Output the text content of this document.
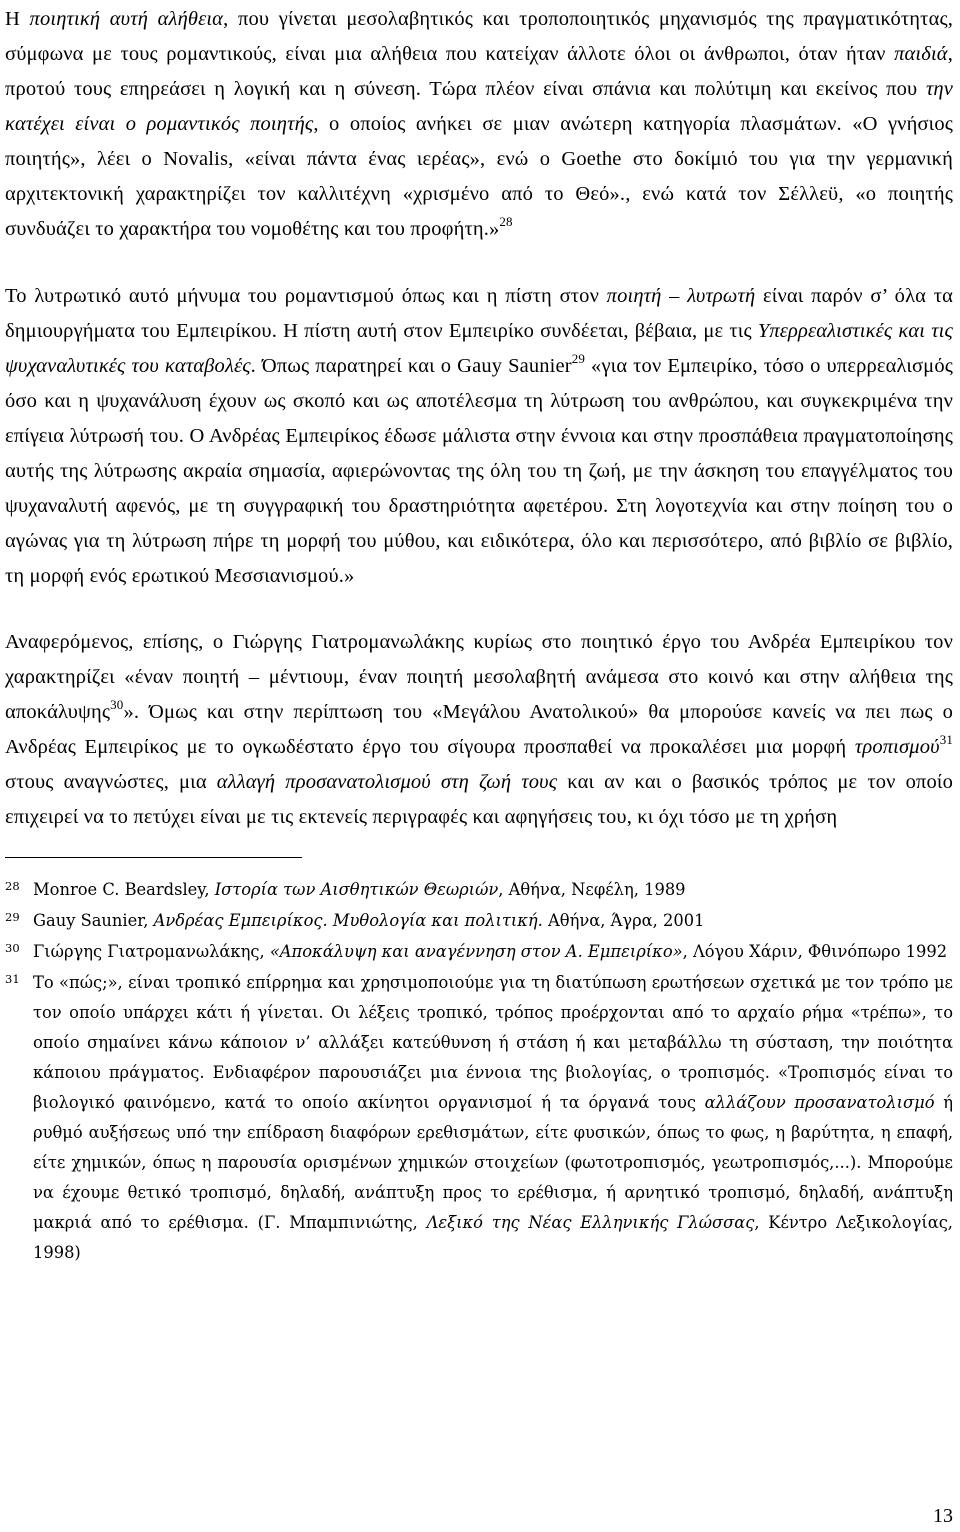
Η ποιητική αυτή αλήθεια, που γίνεται μεσολαβητικός και τροποποιητικός μηχανισμός της πραγματικότητας, σύμφωνα με τους ρομαντικούς, είναι μια αλήθεια που κατείχαν άλλοτε όλοι οι άνθρωποι, όταν ήταν παιδιά, προτού τους επηρεάσει η λογική και η σύνεση. Τώρα πλέον είναι σπάνια και πολύτιμη και εκείνος που την κατέχει είναι ο ρομαντικός ποιητής, ο οποίος ανήκει σε μιαν ανώτερη κατηγορία πλασμάτων. «Ο γνήσιος ποιητής», λέει ο Novalis, «είναι πάντα ένας ιερέας», ενώ ο Goethe στο δοκίμιό του για την γερμανική αρχιτεκτονική χαρακτηρίζει τον καλλιτέχνη «χρισμένο από το Θεό»., ενώ κατά τον Σέλλεϋ, «ο ποιητής συνδυάζει το χαρακτήρα του νομοθέτης και του προφήτη.»$^{28}$

Το λυτρωτικό αυτό μήνυμα του ρομαντισμού όπως και η πίστη στον ποιητή – λυτρωτή είναι παρόν σ’ όλα τα δημιουργήματα του Εμπειρίκου. Η πίστη αυτή στον Εμπειρίκο συνδέεται, βέβαια, με τις Υπερρεαλιστικές και τις ψυχαναλυτικές του καταβολές. Όπως παρατηρεί και ο Gauy Saunier$^{29}$ «για τον Εμπειρίκο, τόσο ο υπερρεαλισμός όσο και η ψυχανάλυση έχουν ως σκοπό και ως αποτέλεσμα τη λύτρωση του ανθρώπου, και συγκεκριμένα την επίγεια λύτρωσή του. Ο Ανδρέας Εμπειρίκος έδωσε μάλιστα στην έννοια και στην προσπάθεια πραγματοποίησης αυτής της λύτρωσης ακραία σημασία, αφιερώνοντας της όλη του τη ζωή, με την άσκηση του επαγγέλματος του ψυχαναλυτή αφενός, με τη συγγραφική του δραστηριότητα αφετέρου. Στη λογοτεχνία και στην ποίηση του ο αγώνας για τη λύτρωση πήρε τη μορφή του μύθου, και ειδικότερα, όλο και περισσότερο, από βιβλίο σε βιβλίο, τη μορφή ενός ερωτικού Μεσσιανισμού.»

Αναφερόμενος, επίσης, ο Γιώργης Γιατρομανωλάκης κυρίως στο ποιητικό έργο του Ανδρέα Εμπειρίκου τον χαρακτηρίζει «έναν ποιητή – μέντιουμ, έναν ποιητή μεσολαβητή ανάμεσα στο κοινό και στην αλήθεια της αποκάλυψης$^{30}$». Όμως και στην περίπτωση του «Μεγάλου Ανατολικού» θα μπορούσε κανείς να πει πως ο Ανδρέας Εμπειρίκος με το ογκωδέστατο έργο του σίγουρα προσπαθεί να προκαλέσει μια μορφή τροπισμού$^{31}$ στους αναγνώστες, μια αλλαγή προσανατολισμού στη ζωή τους και αν και ο βασικός τρόπος με τον οποίο επιχειρεί να το πετύχει είναι με τις εκτενείς περιγραφές και αφηγήσεις του, κι όχι τόσο με τη χρήση

28 Monroe C. Beardsley, Ιστορία των Αισθητικών Θεωριών, Αθήνα, Νεφέλη, 1989
29 Gauy Saunier, Ανδρέας Εμπειρίκος. Μυθολογία και πολιτική. Αθήνα, Άγρα, 2001
30 Γιώργης Γιατρομανωλάκης, «Αποκάλυψη και αναγέννηση στον Α. Εμπειρίκο», Λόγου Χάριν, Φθινόπωρο 1992
31 Το «πώς;», είναι τροπικό επίρρημα και χρησιμοποιούμε για τη διατύπωση ερωτήσεων σχετικά με τον τρόπο με τον οποίο υπάρχει κάτι ή γίνεται. Οι λέξεις τροπικό, τρόπος προέρχονται από το αρχαίο ρήμα «τρέπω», το οποίο σημαίνει κάνω κάποιον ν’ αλλάξει κατεύθυνση ή στάση ή και μεταβάλλω τη σύσταση, την ποιότητα κάποιου πράγματος. Ενδιαφέρον παρουσιάζει μια έννοια της βιολογίας, ο τροπισμός. «Τροπισμός είναι το βιολογικό φαινόμενο, κατά το οποίο ακίνητοι οργανισμοί ή τα όργανά τους αλλάζουν προσανατολισμό ή ρυθμό αυξήσεως υπό την επίδραση διαφόρων ερεθισμάτων, είτε φυσικών, όπως το φως, η βαρύτητα, η επαφή, είτε χημικών, όπως η παρουσία ορισμένων χημικών στοιχείων (φωτοτροπισμός, γεωτροπισμός,...). Μπορούμε να έχουμε θετικό τροπισμό, δηλαδή, ανάπτυξη προς το ερέθισμα, ή αρνητικό τροπισμό, δηλαδή, ανάπτυξη μακριά από το ερέθισμα. (Γ. Μπαμπινιώτης, Λεξικό της Νέας Ελληνικής Γλώσσας, Κέντρο Λεξικολογίας, 1998)
13
